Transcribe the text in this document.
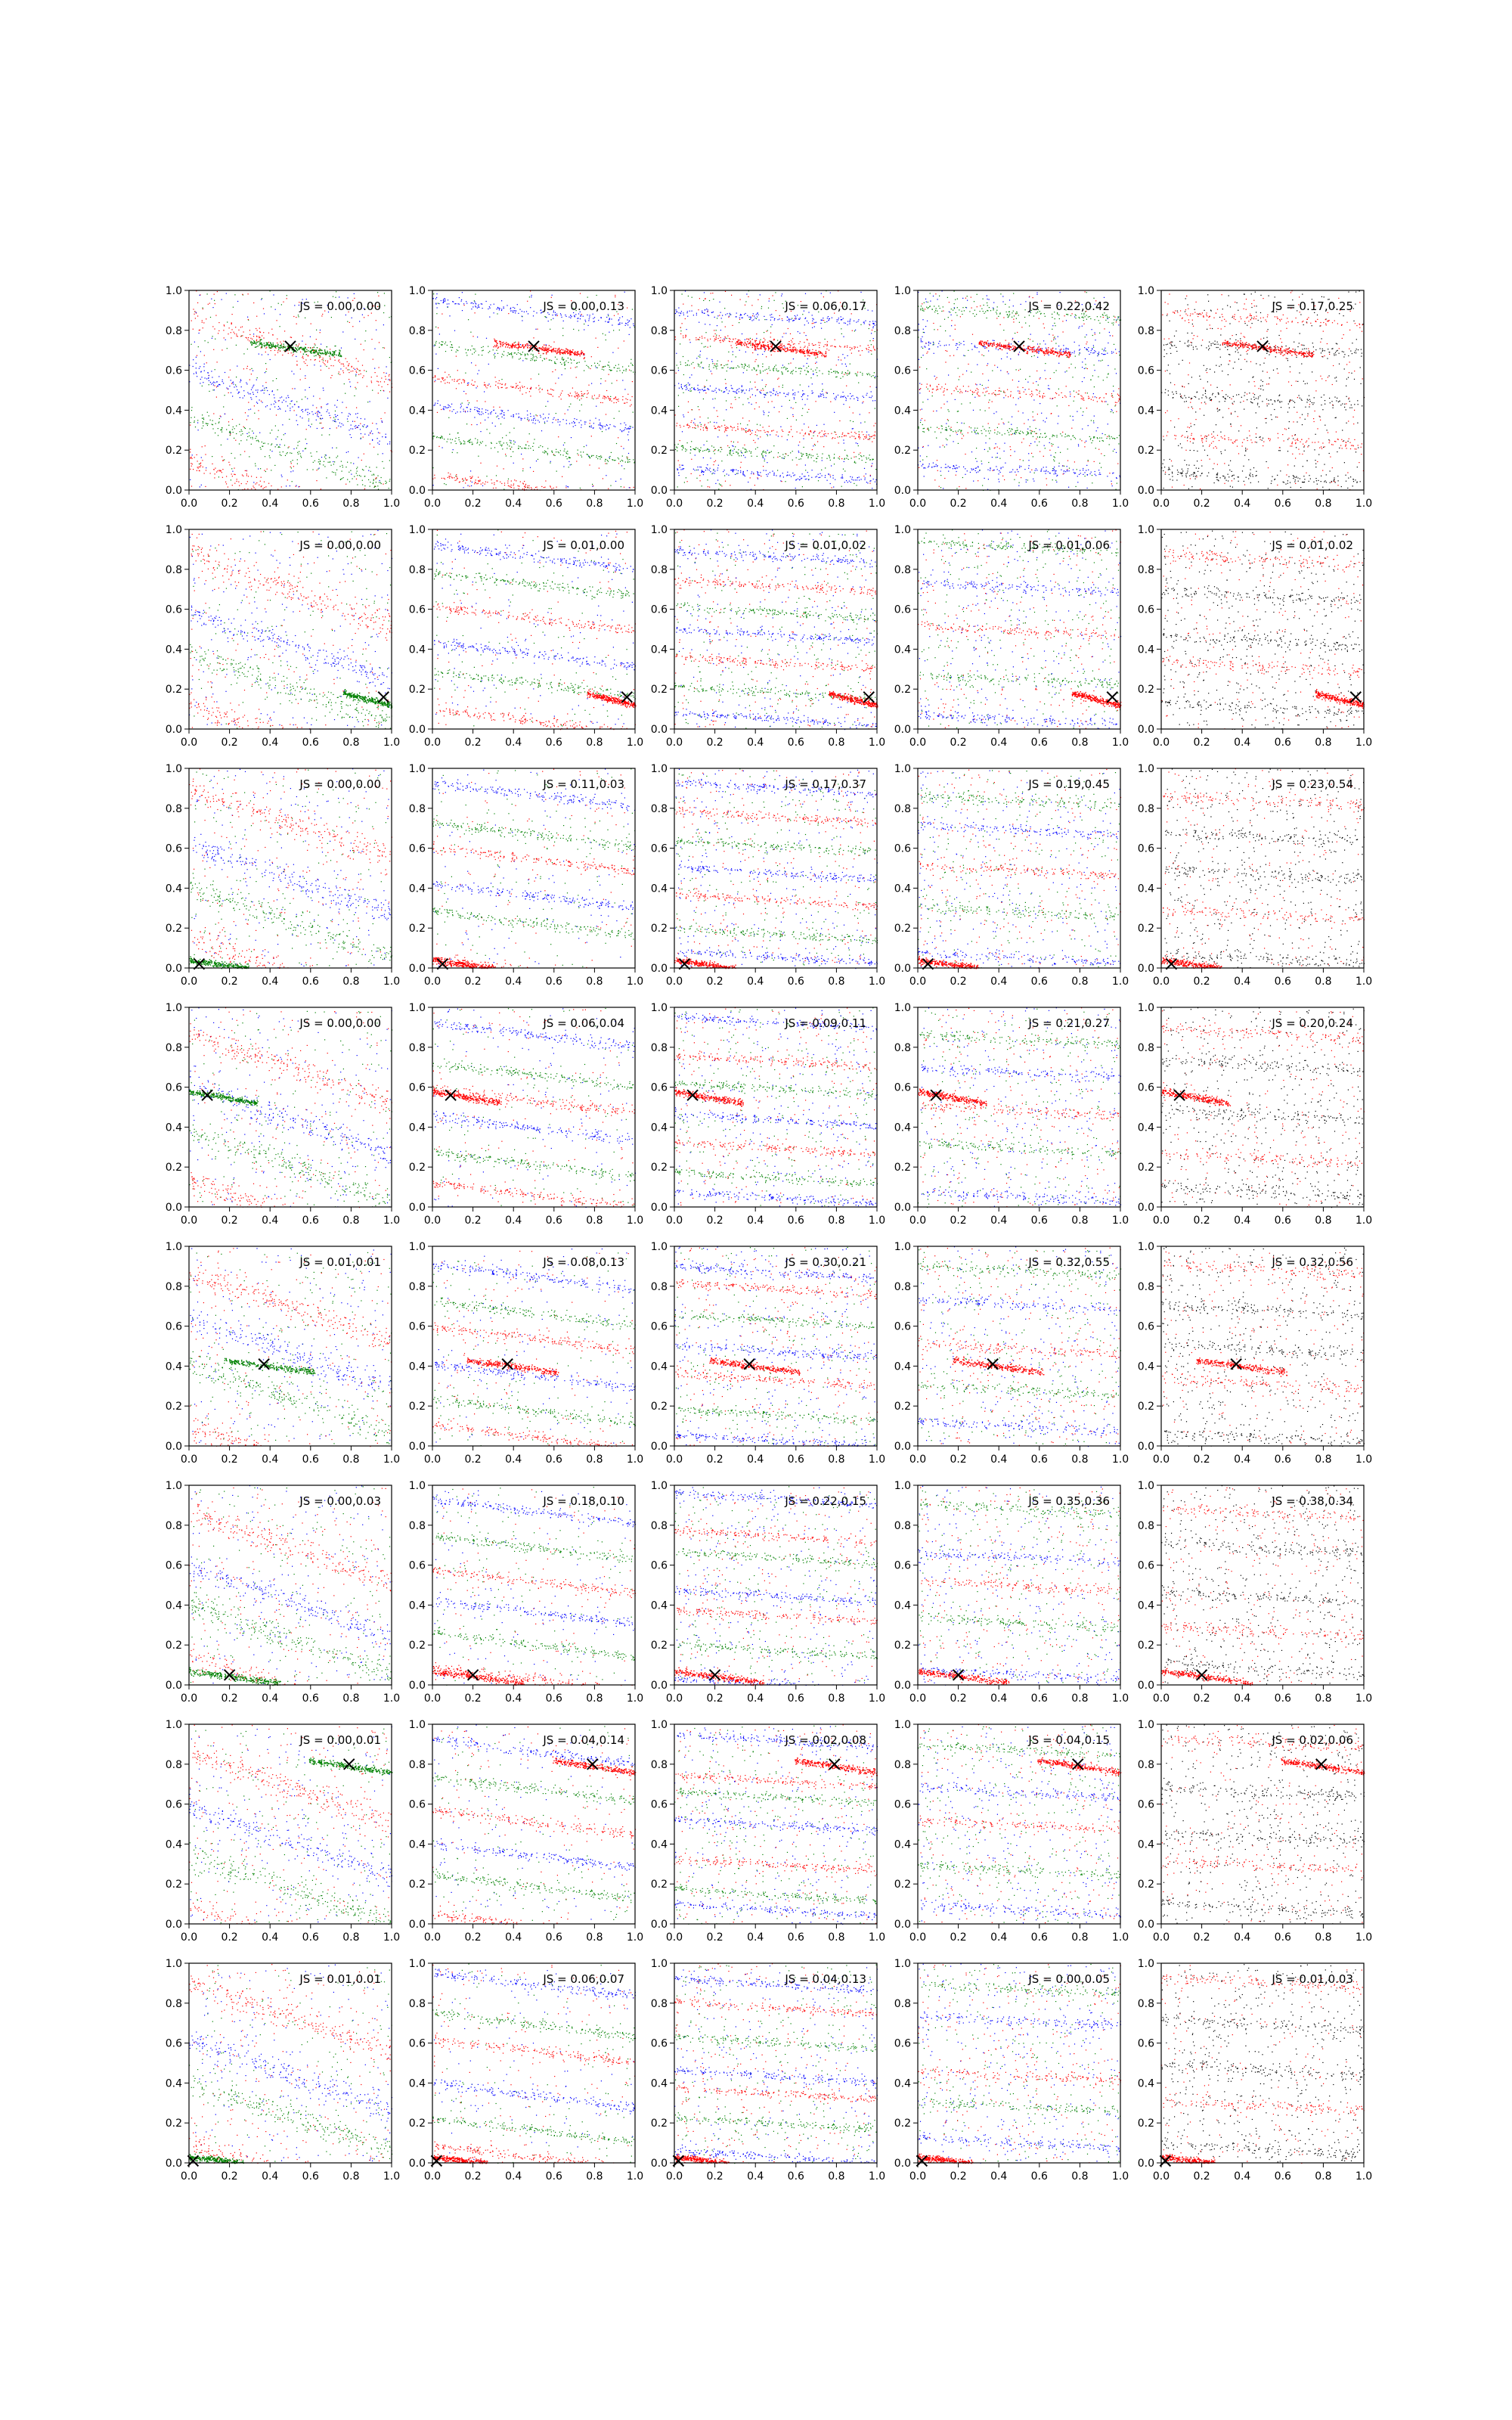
0.0 0.2 0.4 0.6 0.8 1.0
0.0
0.2
0.4
0.6
0.8
1.0
JS = 0.00,0.00
0.0 0.2 0.4 0.6 0.8 1.0
0.0
0.2
0.4
0.6
0.8
1.0
JS = 0.00,0.13
0.0 0.2 0.4 0.6 0.8 1.0
0.0
0.2
0.4
0.6
0.8
1.0
JS = 0.06,0.17
0.0 0.2 0.4 0.6 0.8 1.0
0.0
0.2
0.4
0.6
0.8
1.0
JS = 0.22,0.42
0.0 0.2 0.4 0.6 0.8 1.0
0.0
0.2
0.4
0.6
0.8
1.0
JS = 0.17,0.25
0.0 0.2 0.4 0.6 0.8 1.0
0.0
0.2
0.4
0.6
0.8
1.0
JS = 0.00,0.00
0.0 0.2 0.4 0.6 0.8 1.0
0.0
0.2
0.4
0.6
0.8
1.0
JS = 0.01,0.00
0.0 0.2 0.4 0.6 0.8 1.0
0.0
0.2
0.4
0.6
0.8
1.0
JS = 0.01,0.02
0.0 0.2 0.4 0.6 0.8 1.0
0.0
0.2
0.4
0.6
0.8
1.0
JS = 0.01,0.06
0.0 0.2 0.4 0.6 0.8 1.0
0.0
0.2
0.4
0.6
0.8
1.0
JS = 0.01,0.02
0.0 0.2 0.4 0.6 0.8 1.0
0.0
0.2
0.4
0.6
0.8
1.0
JS = 0.00,0.00
0.0 0.2 0.4 0.6 0.8 1.0
0.0
0.2
0.4
0.6
0.8
1.0
JS = 0.11,0.03
0.0 0.2 0.4 0.6 0.8 1.0
0.0
0.2
0.4
0.6
0.8
1.0
JS = 0.17,0.37
0.0 0.2 0.4 0.6 0.8 1.0
0.0
0.2
0.4
0.6
0.8
1.0
JS = 0.19,0.45
0.0 0.2 0.4 0.6 0.8 1.0
0.0
0.2
0.4
0.6
0.8
1.0
JS = 0.23,0.54
0.0 0.2 0.4 0.6 0.8 1.0
0.0
0.2
0.4
0.6
0.8
1.0
JS = 0.00,0.00
0.0 0.2 0.4 0.6 0.8 1.0
0.0
0.2
0.4
0.6
0.8
1.0
JS = 0.06,0.04
0.0 0.2 0.4 0.6 0.8 1.0
0.0
0.2
0.4
0.6
0.8
1.0
JS = 0.09,0.11
0.0 0.2 0.4 0.6 0.8 1.0
0.0
0.2
0.4
0.6
0.8
1.0
JS = 0.21,0.27
0.0 0.2 0.4 0.6 0.8 1.0
0.0
0.2
0.4
0.6
0.8
1.0
JS = 0.20,0.24
0.0 0.2 0.4 0.6 0.8 1.0
0.0
0.2
0.4
0.6
0.8
1.0
JS = 0.01,0.01
0.0 0.2 0.4 0.6 0.8 1.0
0.0
0.2
0.4
0.6
0.8
1.0
JS = 0.08,0.13
0.0 0.2 0.4 0.6 0.8 1.0
0.0
0.2
0.4
0.6
0.8
1.0
JS = 0.30,0.21
0.0 0.2 0.4 0.6 0.8 1.0
0.0
0.2
0.4
0.6
0.8
1.0
JS = 0.32,0.55
0.0 0.2 0.4 0.6 0.8 1.0
0.0
0.2
0.4
0.6
0.8
1.0
JS = 0.32,0.56
0.0 0.2 0.4 0.6 0.8 1.0
0.0
0.2
0.4
0.6
0.8
1.0
JS = 0.00,0.03
0.0 0.2 0.4 0.6 0.8 1.0
0.0
0.2
0.4
0.6
0.8
1.0
JS = 0.18,0.10
0.0 0.2 0.4 0.6 0.8 1.0
0.0
0.2
0.4
0.6
0.8
1.0
JS = 0.22,0.15
0.0 0.2 0.4 0.6 0.8 1.0
0.0
0.2
0.4
0.6
0.8
1.0
JS = 0.35,0.36
0.0 0.2 0.4 0.6 0.8 1.0
0.0
0.2
0.4
0.6
0.8
1.0
JS = 0.38,0.34
0.0 0.2 0.4 0.6 0.8 1.0
0.0
0.2
0.4
0.6
0.8
1.0
JS = 0.00,0.01
0.0 0.2 0.4 0.6 0.8 1.0
0.0
0.2
0.4
0.6
0.8
1.0
JS = 0.04,0.14
0.0 0.2 0.4 0.6 0.8 1.0
0.0
0.2
0.4
0.6
0.8
1.0
JS = 0.02,0.08
0.0 0.2 0.4 0.6 0.8 1.0
0.0
0.2
0.4
0.6
0.8
1.0
JS = 0.04,0.15
0.0 0.2 0.4 0.6 0.8 1.0
0.0
0.2
0.4
0.6
0.8
1.0
JS = 0.02,0.06
0.0 0.2 0.4 0.6 0.8 1.0
0.0
0.2
0.4
0.6
0.8
1.0
JS = 0.01,0.01
0.0 0.2 0.4 0.6 0.8 1.0
0.0
0.2
0.4
0.6
0.8
1.0
JS = 0.06,0.07
0.0 0.2 0.4 0.6 0.8 1.0
0.0
0.2
0.4
0.6
0.8
1.0
JS = 0.04,0.13
0.0 0.2 0.4 0.6 0.8 1.0
0.0
0.2
0.4
0.6
0.8
1.0
JS = 0.00,0.05
0.0 0.2 0.4 0.6 0.8 1.0
0.0
0.2
0.4
0.6
0.8
1.0
JS = 0.01,0.03
